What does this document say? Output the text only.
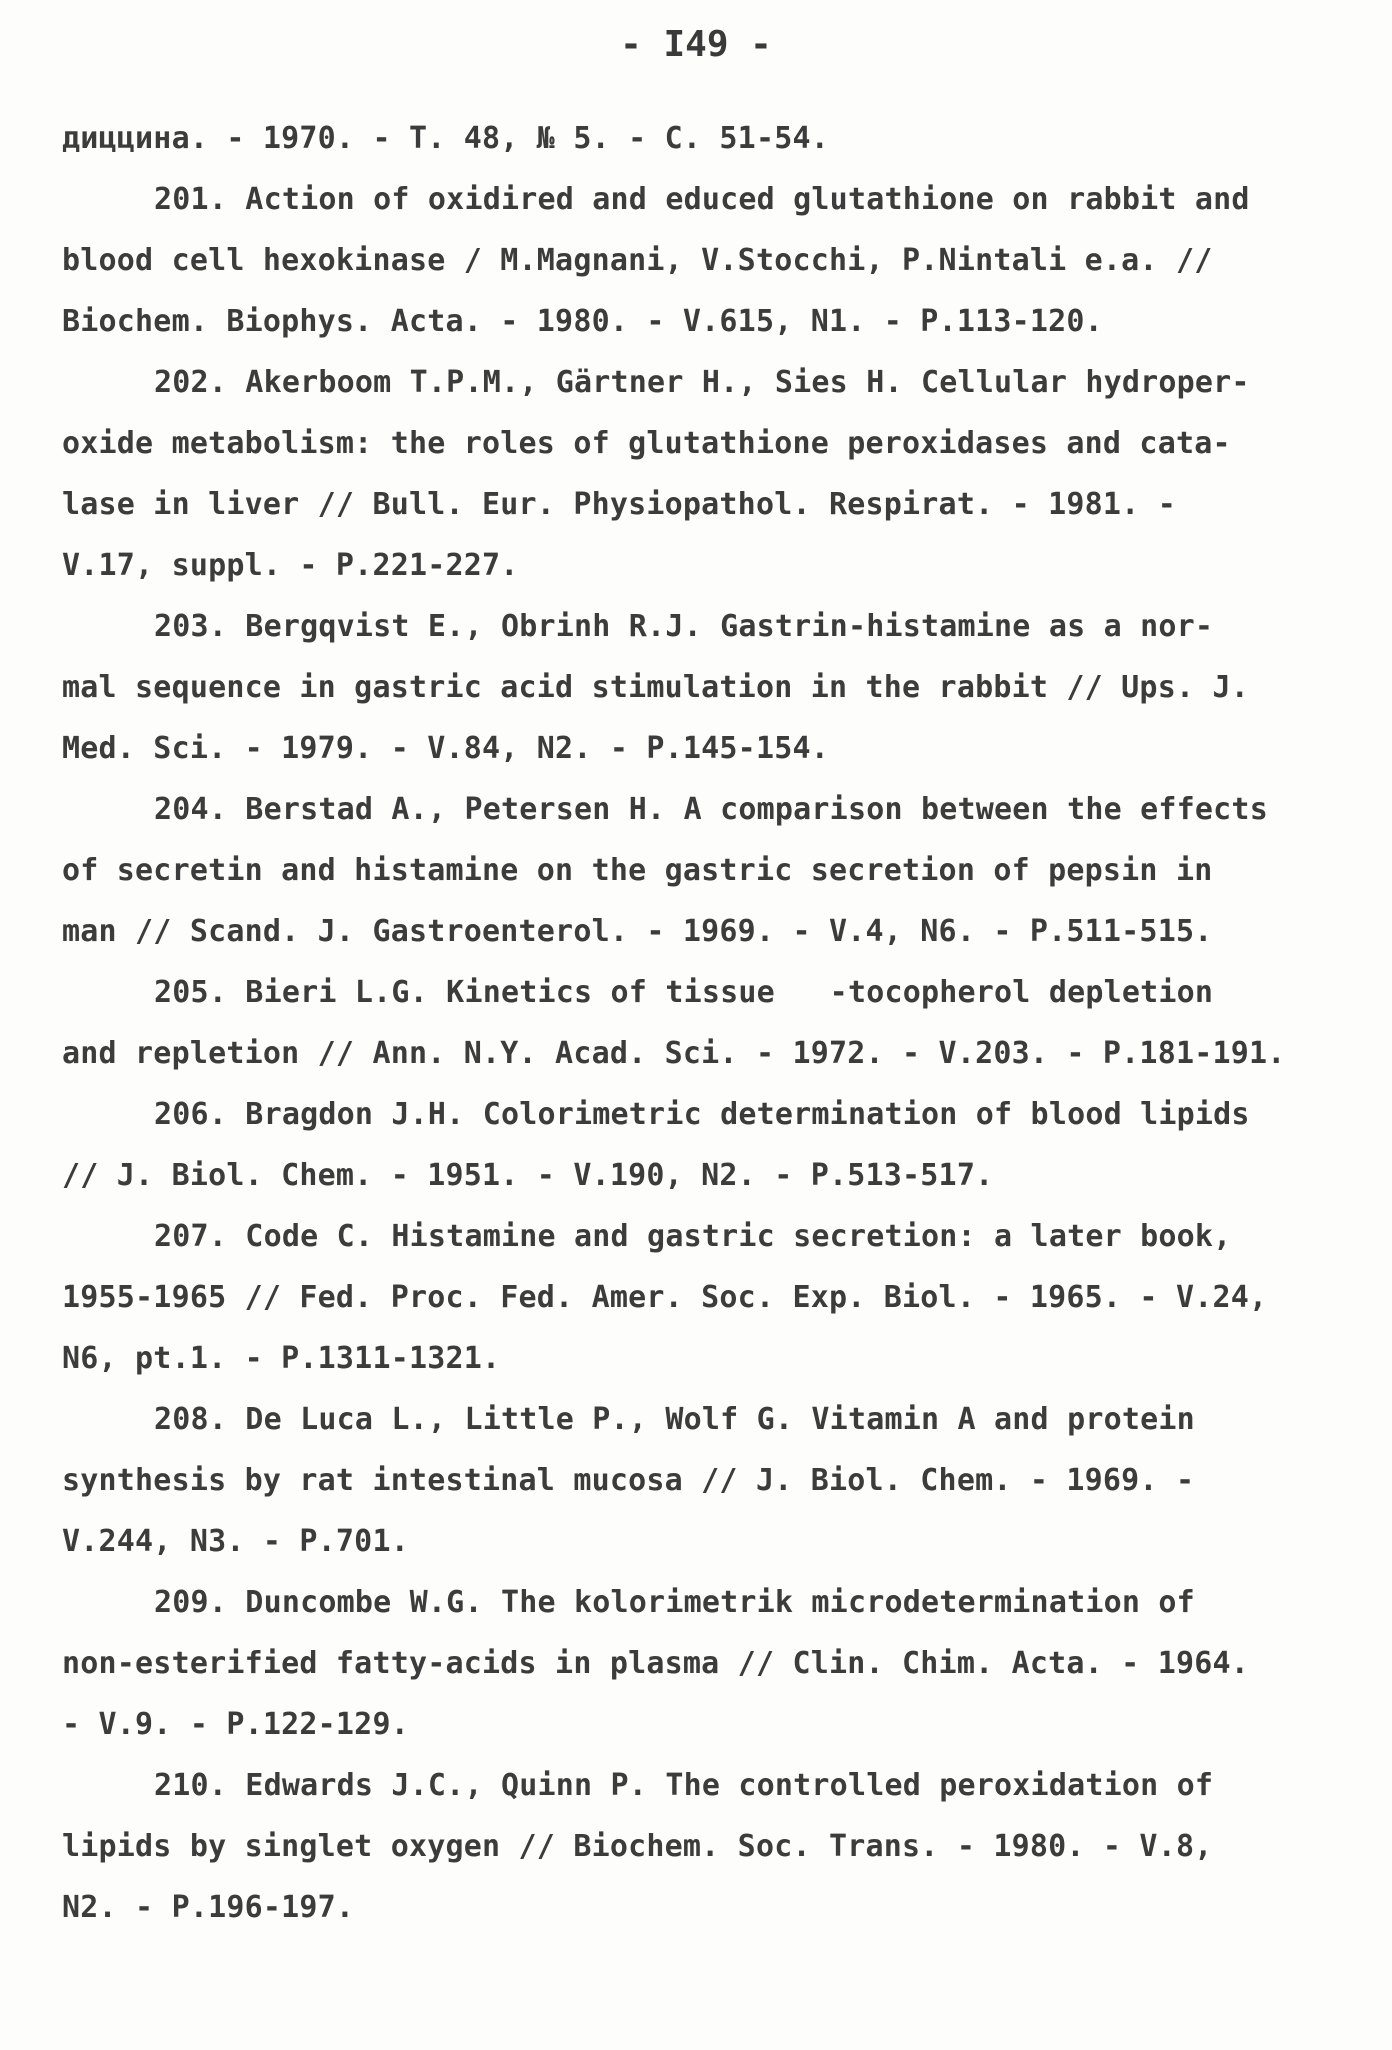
- I49 -
диццина. - 1970. - Т. 48, № 5. - С. 51-54.
201. Action of oxidired and educed glutathione on rabbit and
blood cell hexokinase / M.Magnani, V.Stocchi, P.Nintali e.a. //
Biochem. Biophys. Acta. - 1980. - V.615, N1. - P.113-120.
202. Akerboom T.P.M., Gärtner H., Sies H. Cellular hydroper-
oxide metabolism: the roles of glutathione peroxidases and cata-
lase in liver // Bull. Eur. Physiopathol. Respirat. - 1981. -
V.17, suppl. - P.221-227.
203. Bergqvist E., Obrinh R.J. Gastrin-histamine as a nor-
mal sequence in gastric acid stimulation in the rabbit // Ups. J.
Med. Sci. - 1979. - V.84, N2. - P.145-154.
204. Berstad A., Petersen H. A comparison between the effects
of secretin and histamine on the gastric secretion of pepsin in
man // Scand. J. Gastroenterol. - 1969. - V.4, N6. - P.511-515.
205. Bieri L.G. Kinetics of tissue   -tocopherol depletion
and repletion // Ann. N.Y. Acad. Sci. - 1972. - V.203. - P.181-191.
206. Bragdon J.H. Colorimetric determination of blood lipids
// J. Biol. Chem. - 1951. - V.190, N2. - P.513-517.
207. Code C. Histamine and gastric secretion: a later book,
1955-1965 // Fed. Proc. Fed. Amer. Soc. Exp. Biol. - 1965. - V.24,
N6, pt.1. - P.1311-1321.
208. De Luca L., Little P., Wolf G. Vitamin A and protein
synthesis by rat intestinal mucosa // J. Biol. Chem. - 1969. -
V.244, N3. - P.701.
209. Duncombe W.G. The kolorimetrik microdetermination of
non-esterified fatty-acids in plasma // Clin. Chim. Acta. - 1964.
- V.9. - P.122-129.
210. Edwards J.C., Quinn P. The controlled peroxidation of
lipids by singlet oxygen // Biochem. Soc. Trans. - 1980. - V.8,
N2. - P.196-197.
